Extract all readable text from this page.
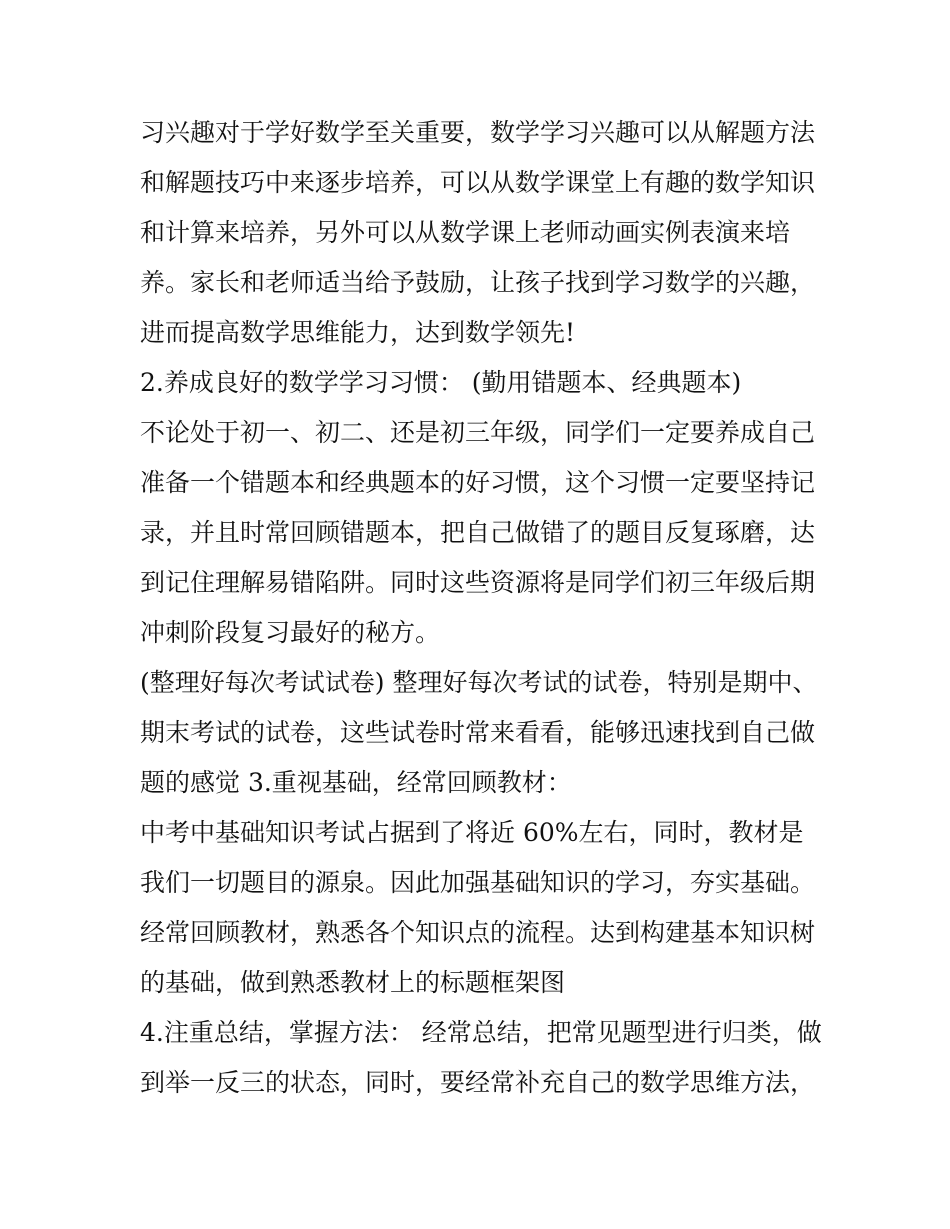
习兴趣对于学好数学至关重要，数学学习兴趣可以从解题方法
和解题技巧中来逐步培养，可以从数学课堂上有趣的数学知识
和计算来培养，另外可以从数学课上老师动画实例表演来培
养。家长和老师适当给予鼓励，让孩子找到学习数学的兴趣，
进而提高数学思维能力，达到数学领先!
2.养成良好的数学学习习惯： (勤用错题本、经典题本)
不论处于初一、初二、还是初三年级，同学们一定要养成自己
准备一个错题本和经典题本的好习惯，这个习惯一定要坚持记
录，并且时常回顾错题本，把自己做错了的题目反复琢磨，达
到记住理解易错陷阱。同时这些资源将是同学们初三年级后期
冲刺阶段复习最好的秘方。
(整理好每次考试试卷) 整理好每次考试的试卷，特别是期中、
期末考试的试卷，这些试卷时常来看看，能够迅速找到自己做
题的感觉 3.重视基础，经常回顾教材：
中考中基础知识考试占据到了将近 60%左右，同时，教材是
我们一切题目的源泉。因此加强基础知识的学习，夯实基础。
经常回顾教材，熟悉各个知识点的流程。达到构建基本知识树
的基础，做到熟悉教材上的标题框架图
4.注重总结，掌握方法： 经常总结，把常见题型进行归类，做
到举一反三的状态，同时，要经常补充自己的数学思维方法，
